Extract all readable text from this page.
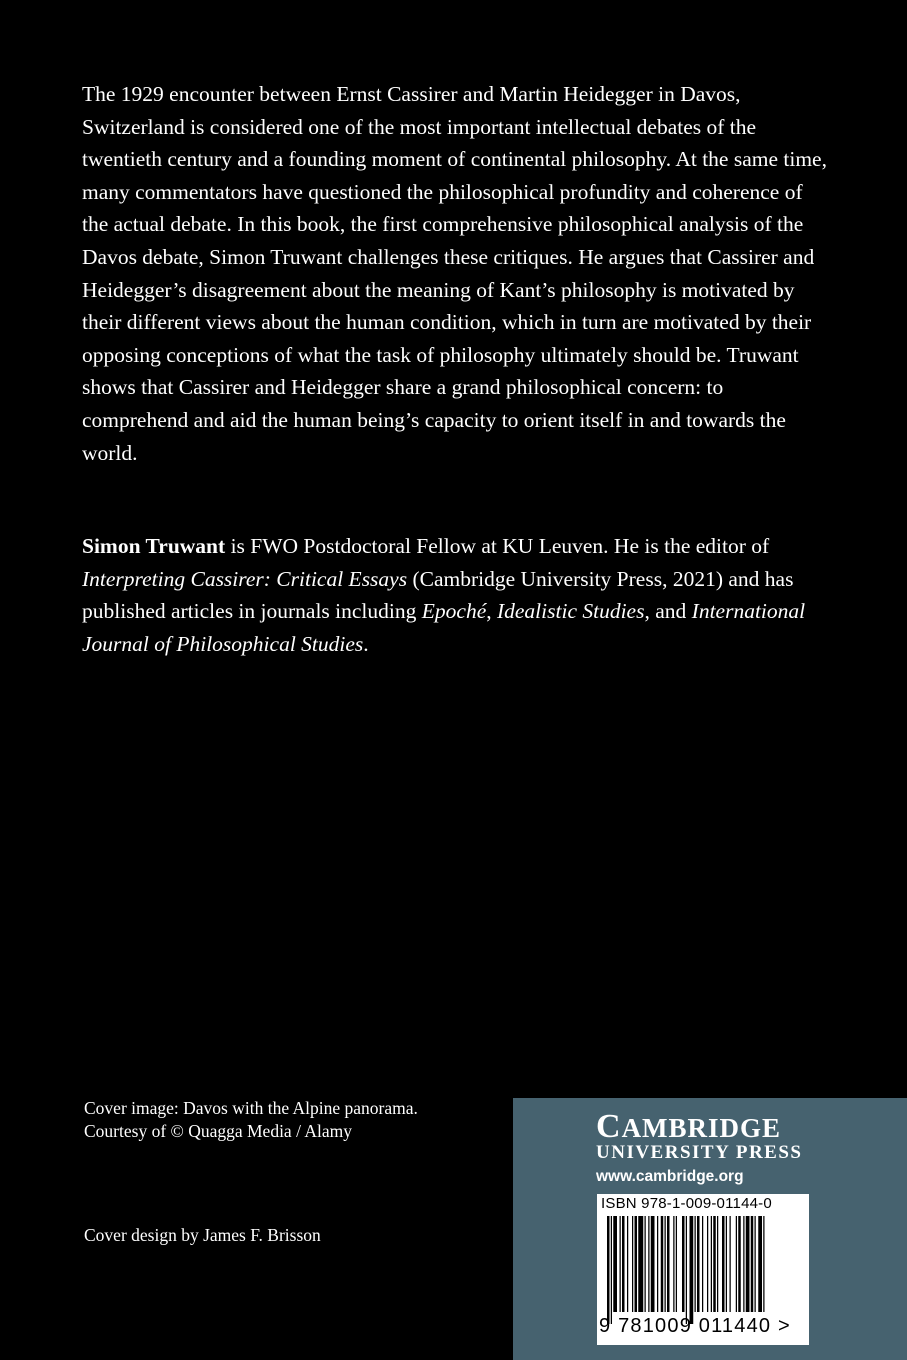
The 1929 encounter between Ernst Cassirer and Martin Heidegger in Davos, Switzerland is considered one of the most important intellectual debates of the twentieth century and a founding moment of continental philosophy. At the same time, many commentators have questioned the philosophical profundity and coherence of the actual debate. In this book, the first comprehensive philosophical analysis of the Davos debate, Simon Truwant challenges these critiques. He argues that Cassirer and Heidegger’s disagreement about the meaning of Kant’s philosophy is motivated by their different views about the human condition, which in turn are motivated by their opposing conceptions of what the task of philosophy ultimately should be. Truwant shows that Cassirer and Heidegger share a grand philosophical concern: to comprehend and aid the human being’s capacity to orient itself in and towards the world.

Simon Truwant is FWO Postdoctoral Fellow at KU Leuven. He is the editor of Interpreting Cassirer: Critical Essays (Cambridge University Press, 2021) and has published articles in journals including Epoché, Idealistic Studies, and International Journal of Philosophical Studies.

Cover image: Davos with the Alpine panorama.
Courtesy of © Quagga Media / Alamy

Cover design by James F. Brisson

CAMBRIDGE

UNIVERSITY PRESS

www.cambridge.org

ISBN 978-1-009-01144-0

9 781009 011440 >
